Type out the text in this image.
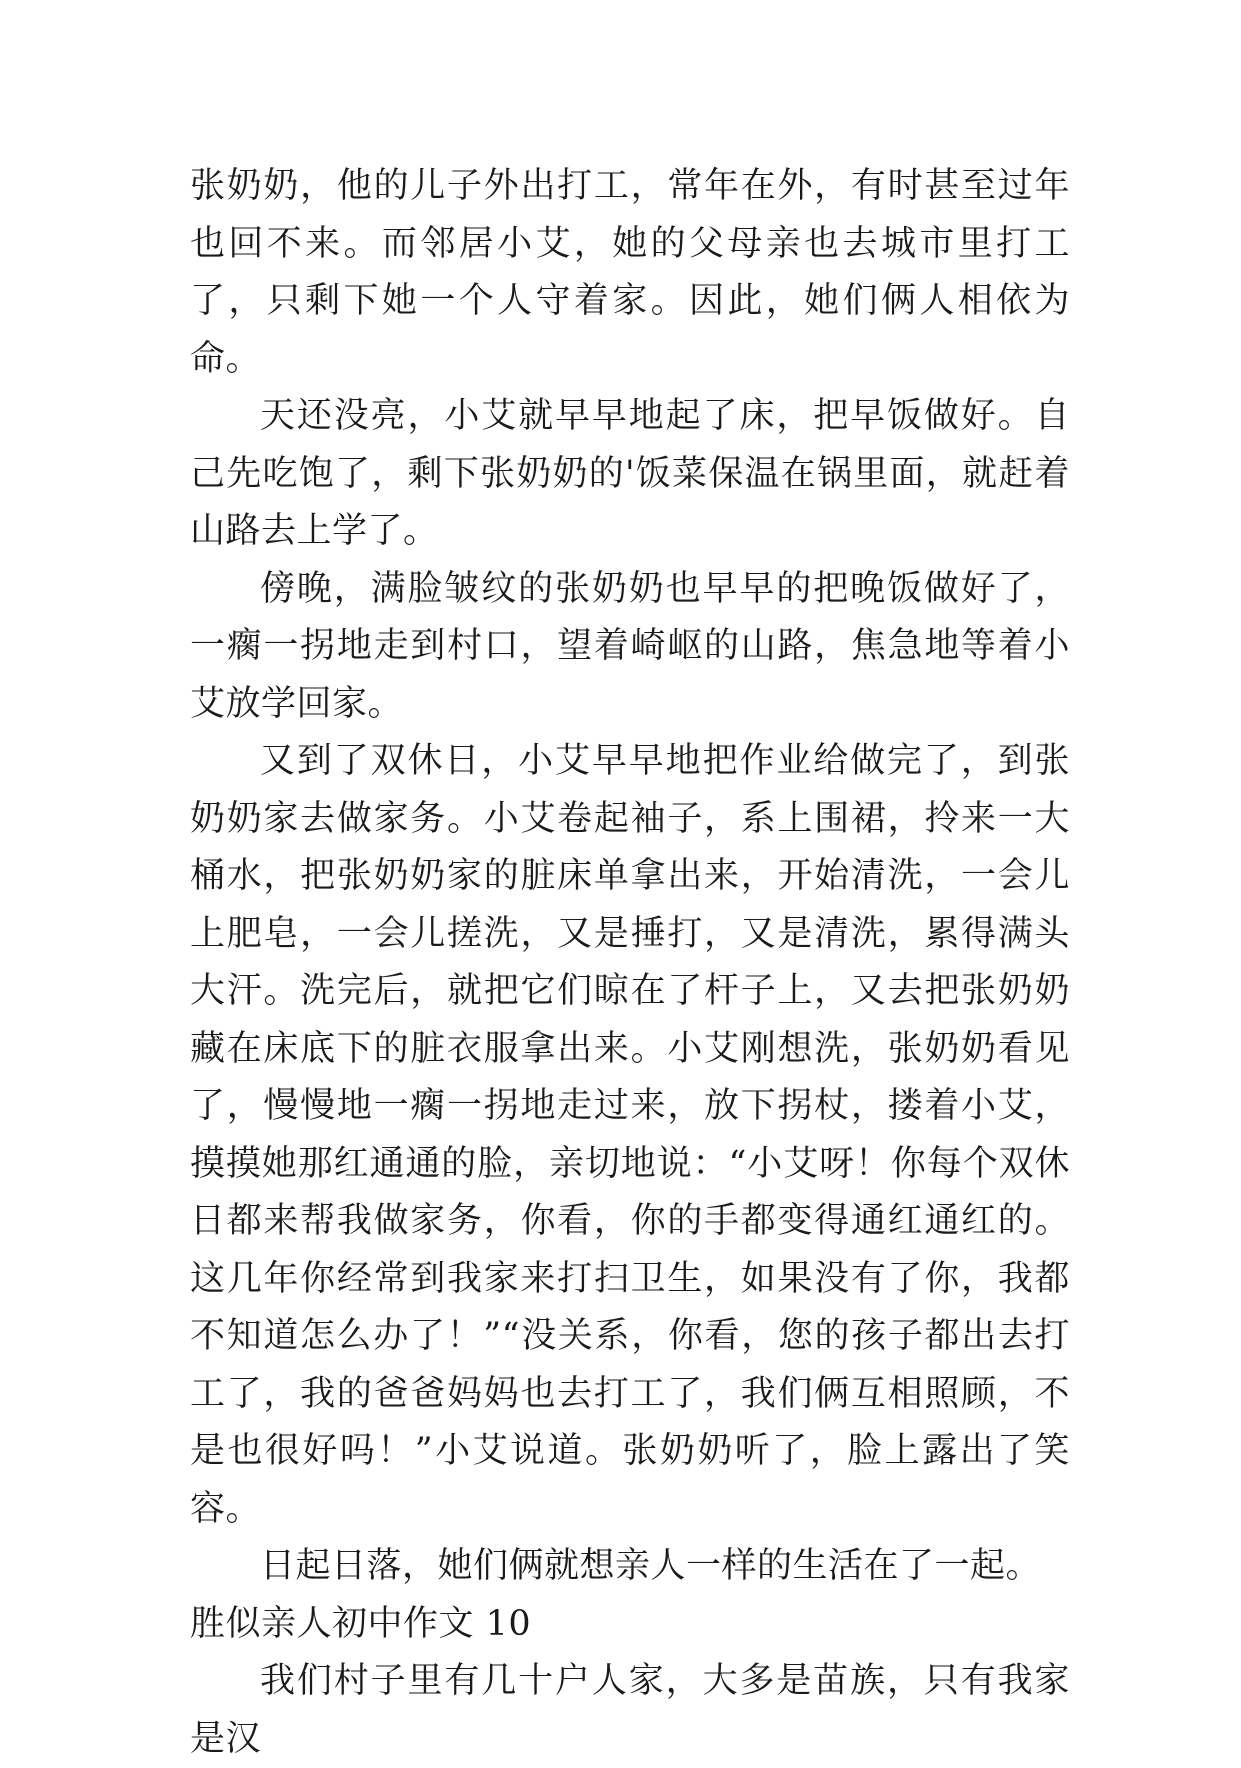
张奶奶，他的儿子外出打工，常年在外，有时甚至过年也回不来。而邻居小艾，她的父母亲也去城市里打工了，只剩下她一个人守着家。因此，她们俩人相依为命。

天还没亮，小艾就早早地起了床，把早饭做好。自己先吃饱了，剩下张奶奶的'饭菜保温在锅里面，就赶着山路去上学了。

傍晚，满脸皱纹的张奶奶也早早的把晚饭做好了，一瘸一拐地走到村口，望着崎岖的山路，焦急地等着小艾放学回家。

又到了双休日，小艾早早地把作业给做完了，到张奶奶家去做家务。小艾卷起袖子，系上围裙，拎来一大桶水，把张奶奶家的脏床单拿出来，开始清洗，一会儿上肥皂，一会儿搓洗，又是捶打，又是清洗，累得满头大汗。洗完后，就把它们晾在了杆子上，又去把张奶奶藏在床底下的脏衣服拿出来。小艾刚想洗，张奶奶看见了，慢慢地一瘸一拐地走过来，放下拐杖，搂着小艾，摸摸她那红通通的脸，亲切地说：“小艾呀！你每个双休日都来帮我做家务，你看，你的手都变得通红通红的。这几年你经常到我家来打扫卫生，如果没有了你，我都不知道怎么办了！”“没关系，你看，您的孩子都出去打工了，我的爸爸妈妈也去打工了，我们俩互相照顾，不是也很好吗！”小艾说道。张奶奶听了，脸上露出了笑容。

日起日落，她们俩就想亲人一样的生活在了一起。

胜似亲人初中作文 10

我们村子里有几十户人家，大多是苗族，只有我家是汉
